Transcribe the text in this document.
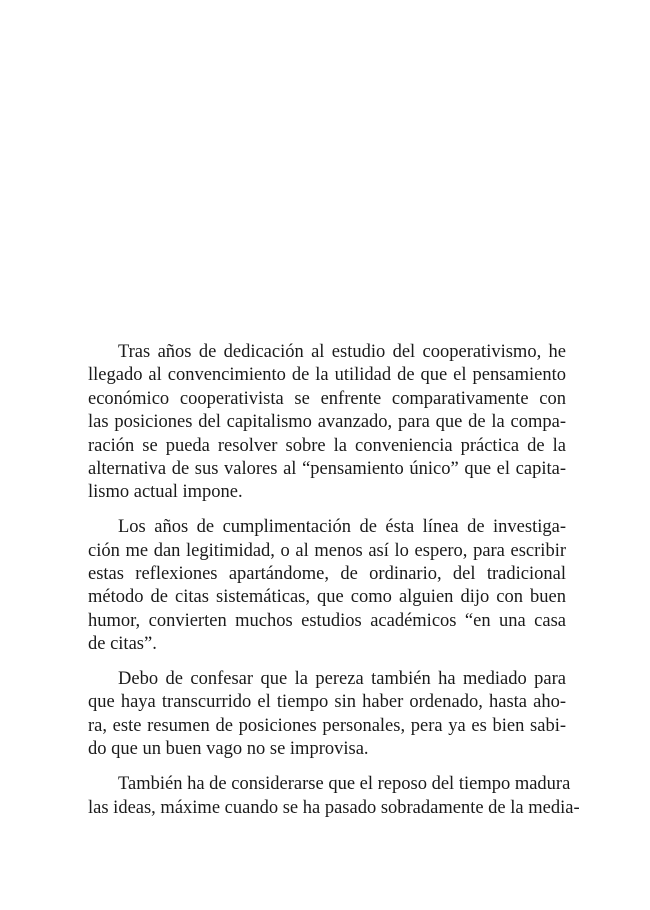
Tras años de dedicación al estudio del cooperativismo, he
llegado al convencimiento de la utilidad de que el pensamiento
económico cooperativista se enfrente comparativamente con
las posiciones del capitalismo avanzado, para que de la compa-
ración se pueda resolver sobre la conveniencia práctica de la
alternativa de sus valores al “pensamiento único” que el capita-
lismo actual impone.

Los años de cumplimentación de ésta línea de investiga-
ción me dan legitimidad, o al menos así lo espero, para escribir
estas reflexiones apartándome, de ordinario, del tradicional
método de citas sistemáticas, que como alguien dijo con buen
humor, convierten muchos estudios académicos “en una casa
de citas”.

Debo de confesar que la pereza también ha mediado para
que haya transcurrido el tiempo sin haber ordenado, hasta aho-
ra, este resumen de posiciones personales, pera ya es bien sabi-
do que un buen vago no se improvisa.

También ha de considerarse que el reposo del tiempo madura
las ideas, máxime cuando se ha pasado sobradamente de la media-
